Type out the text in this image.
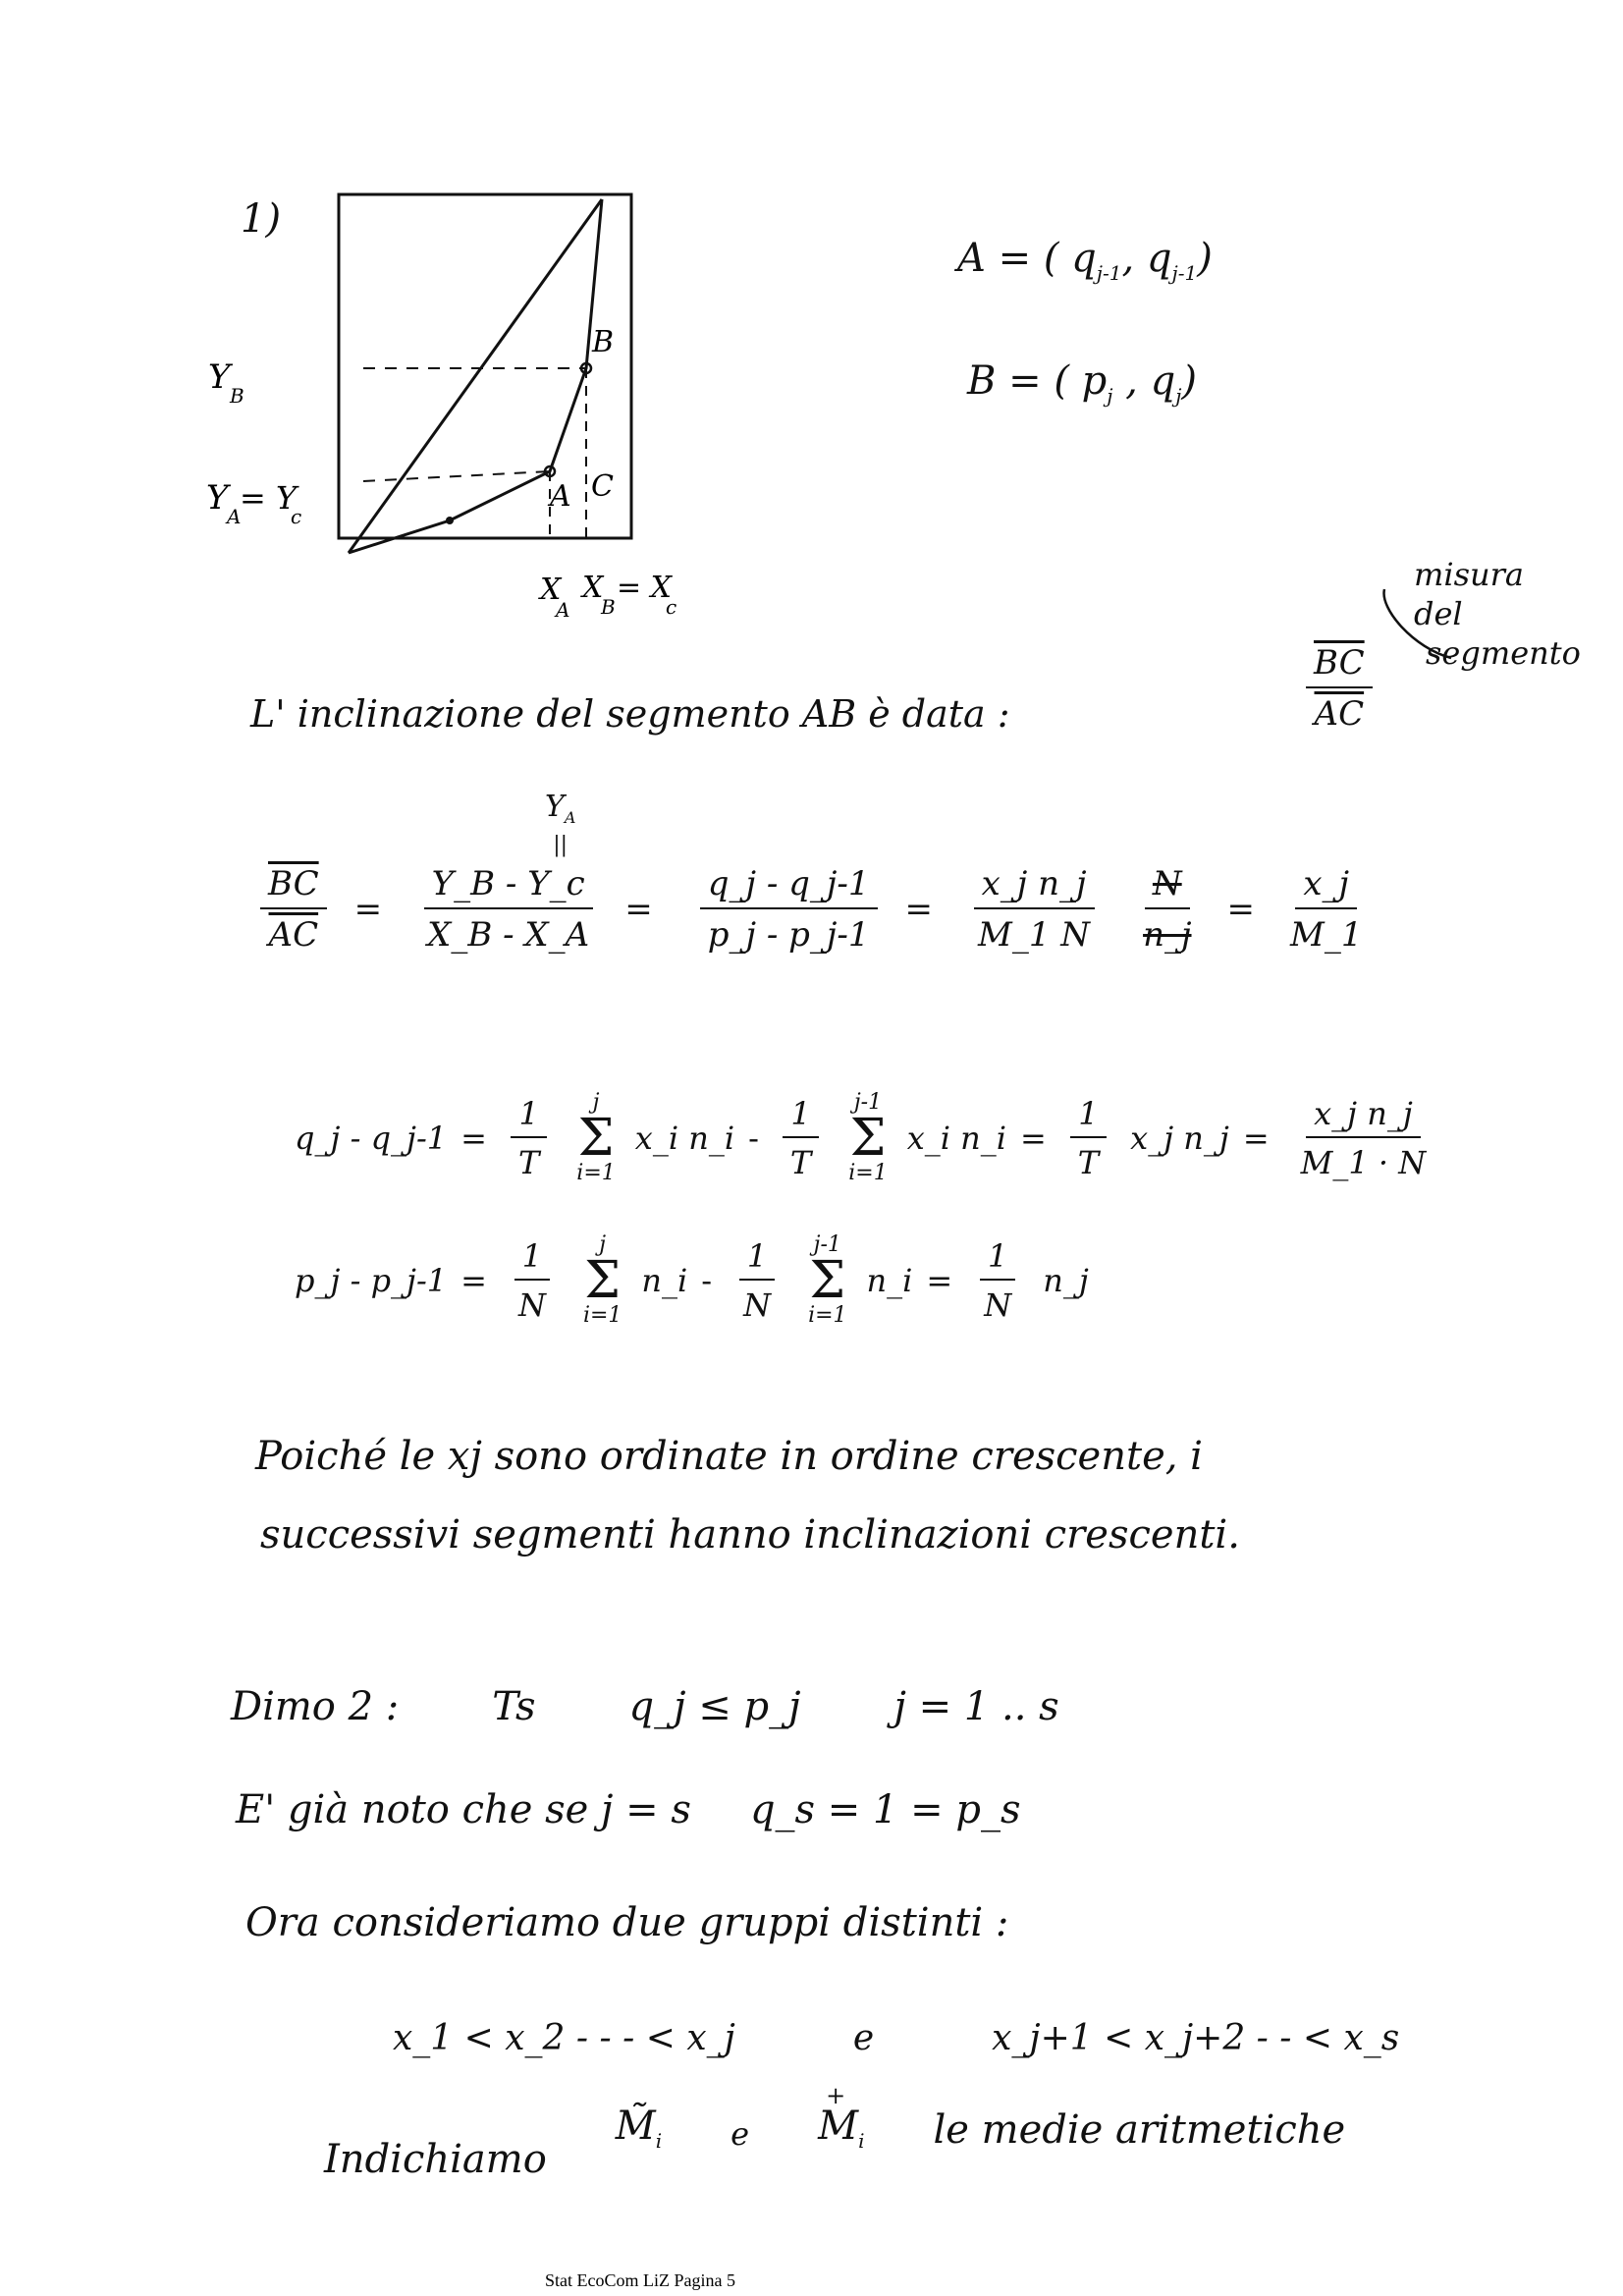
1)
B
A C
Y B
Y
A
= Y
c
X
A
X
B
= X
c
A = ( $q_{j-1}$, $q_{j-1}$)
B = ( $p_j$ , $q_j$)
misura
del
segmento
L' inclinazione del segmento AB è data :	$\frac{\overline{BC}}{AC}$
$Y_A$
||
$\frac{\overline{BC}}{AC} = \frac{Y\_B - Y\_c}{X\_B - X\_A} = \frac{q\_j - q\_j-1}{p\_j - p\_j-1} = \frac{\text{x\_j n\_j}}{M\_1 N} \frac{N}{n\_j} = \frac{x\_j}{M\_1}$
q_j - q_j-1 = $\frac{1}{T}$ j
Σ
i=1
x_i n_i - $\frac{1}{T} j-1$
Σ
i=1
x_i n_i = $\frac{1}{T}$ x_j n_j = $\frac{\text{x\_j n\_j}}{M\_1 \cdot N}$
p_j - p_j-1 = $\frac{1}{N}$ j
Σ
i=1
n_i - $\frac{1}{N} j-1$
Σ
i=1
n_i = $\frac{1}{N}$ n_j
Poiché le xj sono ordinate in ordine crescente, i
successivi segmenti hanno inclinazioni crescenti.
Dimo 2 : Ts q_j ≤ p_j j = 1 .. s
E' già noto che se j = s q_s = 1 = p_s
Ora consideriamo due gruppi distinti :
x_1 < x_2 - - - < x_j	e	x_j+1 < x_j+2 - - < x_s
Indichiamo
$M̃_i$ e
+
$M_i$ le medie aritmetiche
Stat EcoCom LiZ Pagina 5
